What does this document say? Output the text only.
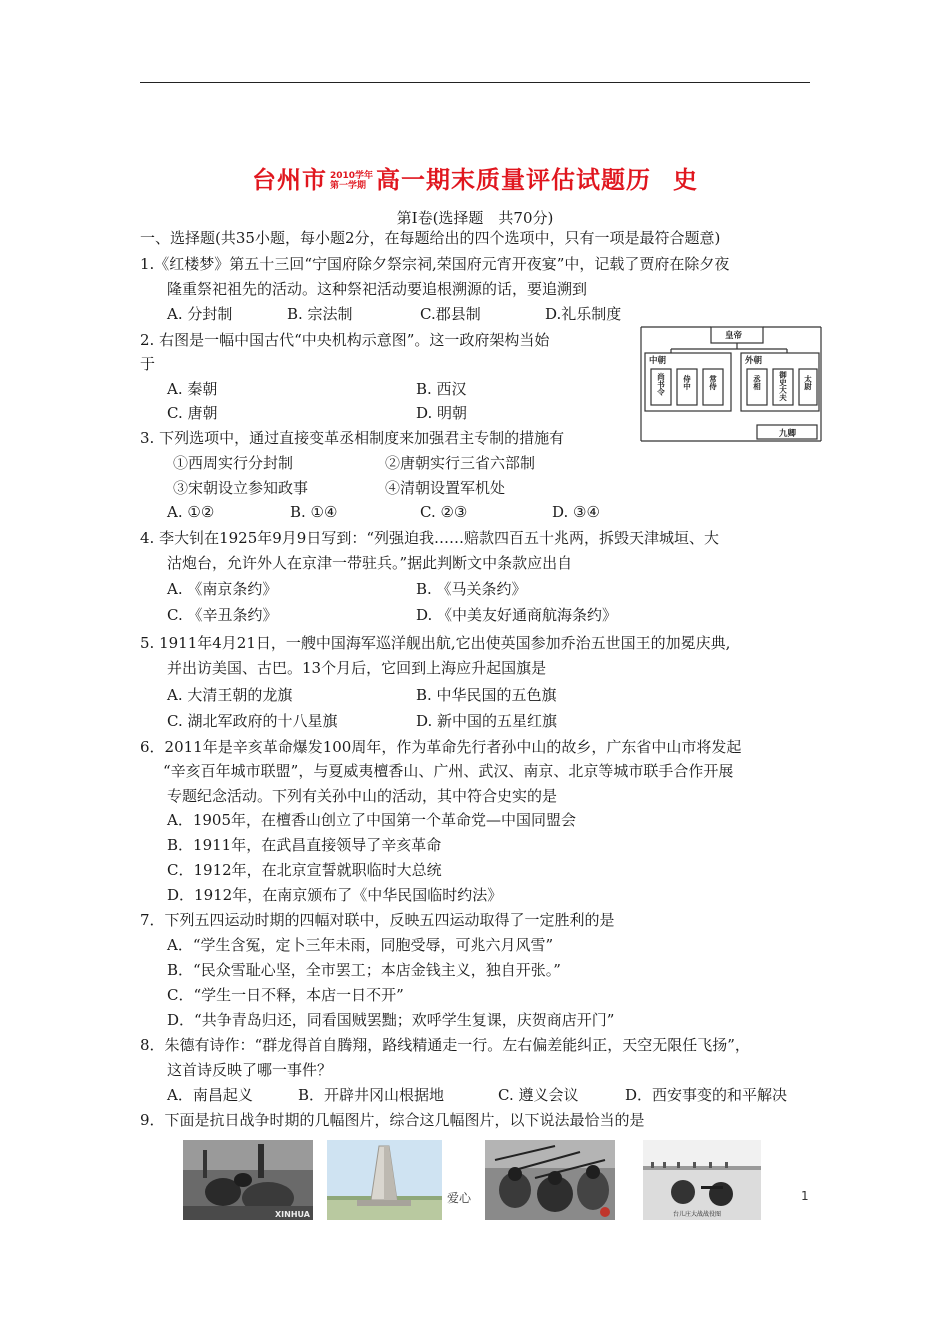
台州市 2010学年
第一学期 高一期末质量评估试题历 史
第Ⅰ卷(选择题　共70分)
一、选择题(共35小题，每小题2分，在每题给出的四个选项中，只有一项是最符合题意)
1.《红楼梦》第五十三回“宁国府除夕祭宗祠,荣国府元宵开夜宴”中，记载了贾府在除夕夜
隆重祭祀祖先的活动。这种祭祀活动要追根溯源的话，要追溯到
A. 分封制	B. 宗法制	C.郡县制	D.礼乐制度
2. 右图是一幅中国古代“中央机构示意图”。这一政府架构当始
于
A. 秦朝	B. 西汉
C. 唐朝	D. 明朝
皇帝
中朝	外朝
九卿
尚书令 侍中 常侍	丞相 御史大夫 太尉
3. 下列选项中，通过直接变革丞相制度来加强君主专制的措施有
①西周实行分封制	②唐朝实行三省六部制
③宋朝设立参知政事	④清朝设置军机处
A. ①②	B. ①④	C. ②③	D. ③④
4. 李大钊在1925年9月9日写到：“列强迫我……赔款四百五十兆两，拆毁天津城垣、大
沽炮台，允许外人在京津一带驻兵。”据此判断文中条款应出自
A. 《南京条约》	B. 《马关条约》
C. 《辛丑条约》	D. 《中美友好通商航海条约》
5. 1911年4月21日，一艘中国海军巡洋舰出航,它出使英国参加乔治五世国王的加冕庆典,
并出访美国、古巴。13个月后，它回到上海应升起国旗是
A. 大清王朝的龙旗	B. 中华民国的五色旗
C. 湖北军政府的十八星旗	D. 新中国的五星红旗
6．2011年是辛亥革命爆发100周年，作为革命先行者孙中山的故乡，广东省中山市将发起
“辛亥百年城市联盟”，与夏威夷檀香山、广州、武汉、南京、北京等城市联手合作开展
专题纪念活动。下列有关孙中山的活动，其中符合史实的是
A．1905年，在檀香山创立了中国第一个革命党—中国同盟会
B．1911年，在武昌直接领导了辛亥革命
C．1912年，在北京宣誓就职临时大总统
D．1912年，在南京颁布了《中华民国临时约法》
7．下列五四运动时期的四幅对联中，反映五四运动取得了一定胜利的是
A．“学生含冤，定卜三年未雨，同胞受辱，可兆六月风雪”
B．“民众雪耻心坚，全市罢工；本店金钱主义，独自开张。”
C．“学生一日不释，本店一日不开”
D．“共争青岛归还，同看国贼罢黜；欢呼学生复课，庆贺商店开门”
8．朱德有诗作：“群龙得首自腾翔，路线精通走一行。左右偏差能纠正，天空无限任飞扬”，
这首诗反映了哪一事件？
A．南昌起义	B．开辟井冈山根据地	C. 遵义会议	D．西安事变的和平解决
9．下面是抗日战争时期的几幅图片，综合这几幅图片，以下说法最恰当的是
XINHUA
爱心
台儿庄大战战役图
1
